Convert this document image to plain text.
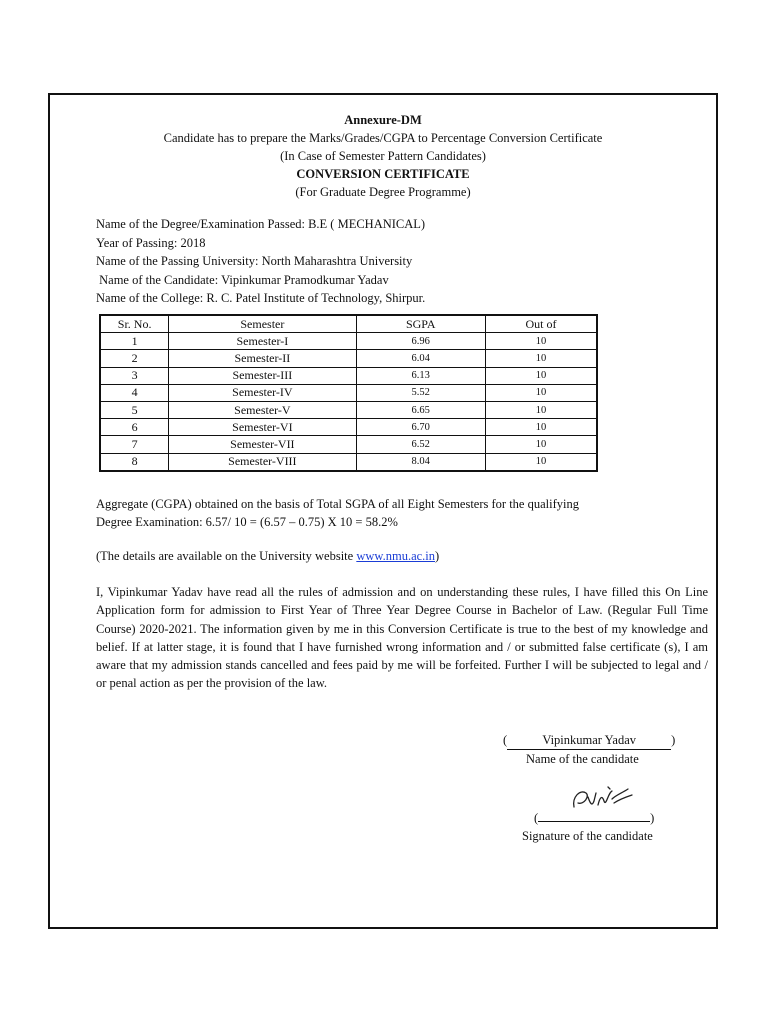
Annexure-DM
Candidate has to prepare the Marks/Grades/CGPA to Percentage Conversion Certificate
(In Case of Semester Pattern Candidates)
CONVERSION CERTIFICATE
(For Graduate Degree Programme)
Name of the Degree/Examination Passed: B.E ( MECHANICAL)
Year of Passing: 2018
Name of the Passing University: North Maharashtra University
Name of the Candidate: Vipinkumar Pramodkumar Yadav
Name of the College: R. C. Patel Institute of Technology, Shirpur.
Sr. No.	Semester	SGPA	Out of
1	Semester-I	6.96	10
2	Semester-II	6.04	10
3	Semester-III	6.13	10
4	Semester-IV	5.52	10
5	Semester-V	6.65	10
6	Semester-VI	6.70	10
7	Semester-VII	6.52	10
8	Semester-VIII	8.04	10
Aggregate (CGPA) obtained on the basis of Total SGPA of all Eight Semesters for the qualifying
Degree Examination: 6.57/ 10 = (6.57 – 0.75) X 10 = 58.2%
(The details are available on the University website www.nmu.ac.in)
I, Vipinkumar Yadav have read all the rules of admission and on understanding these rules, I have filled this On Line Application form for admission to First Year of Three Year Degree Course in Bachelor of Law. (Regular Full Time Course) 2020-2021. The information given by me in this Conversion Certificate is true to the best of my knowledge and belief. If at latter stage, it is found that I have furnished wrong information and / or submitted false certificate (s), I am aware that my admission stands cancelled and fees paid by me will be forfeited. Further I will be subjected to legal and / or penal action as per the provision of the law.
(	Vipinkumar Yadav	)
Name of the candidate
(	)
Signature of the candidate
